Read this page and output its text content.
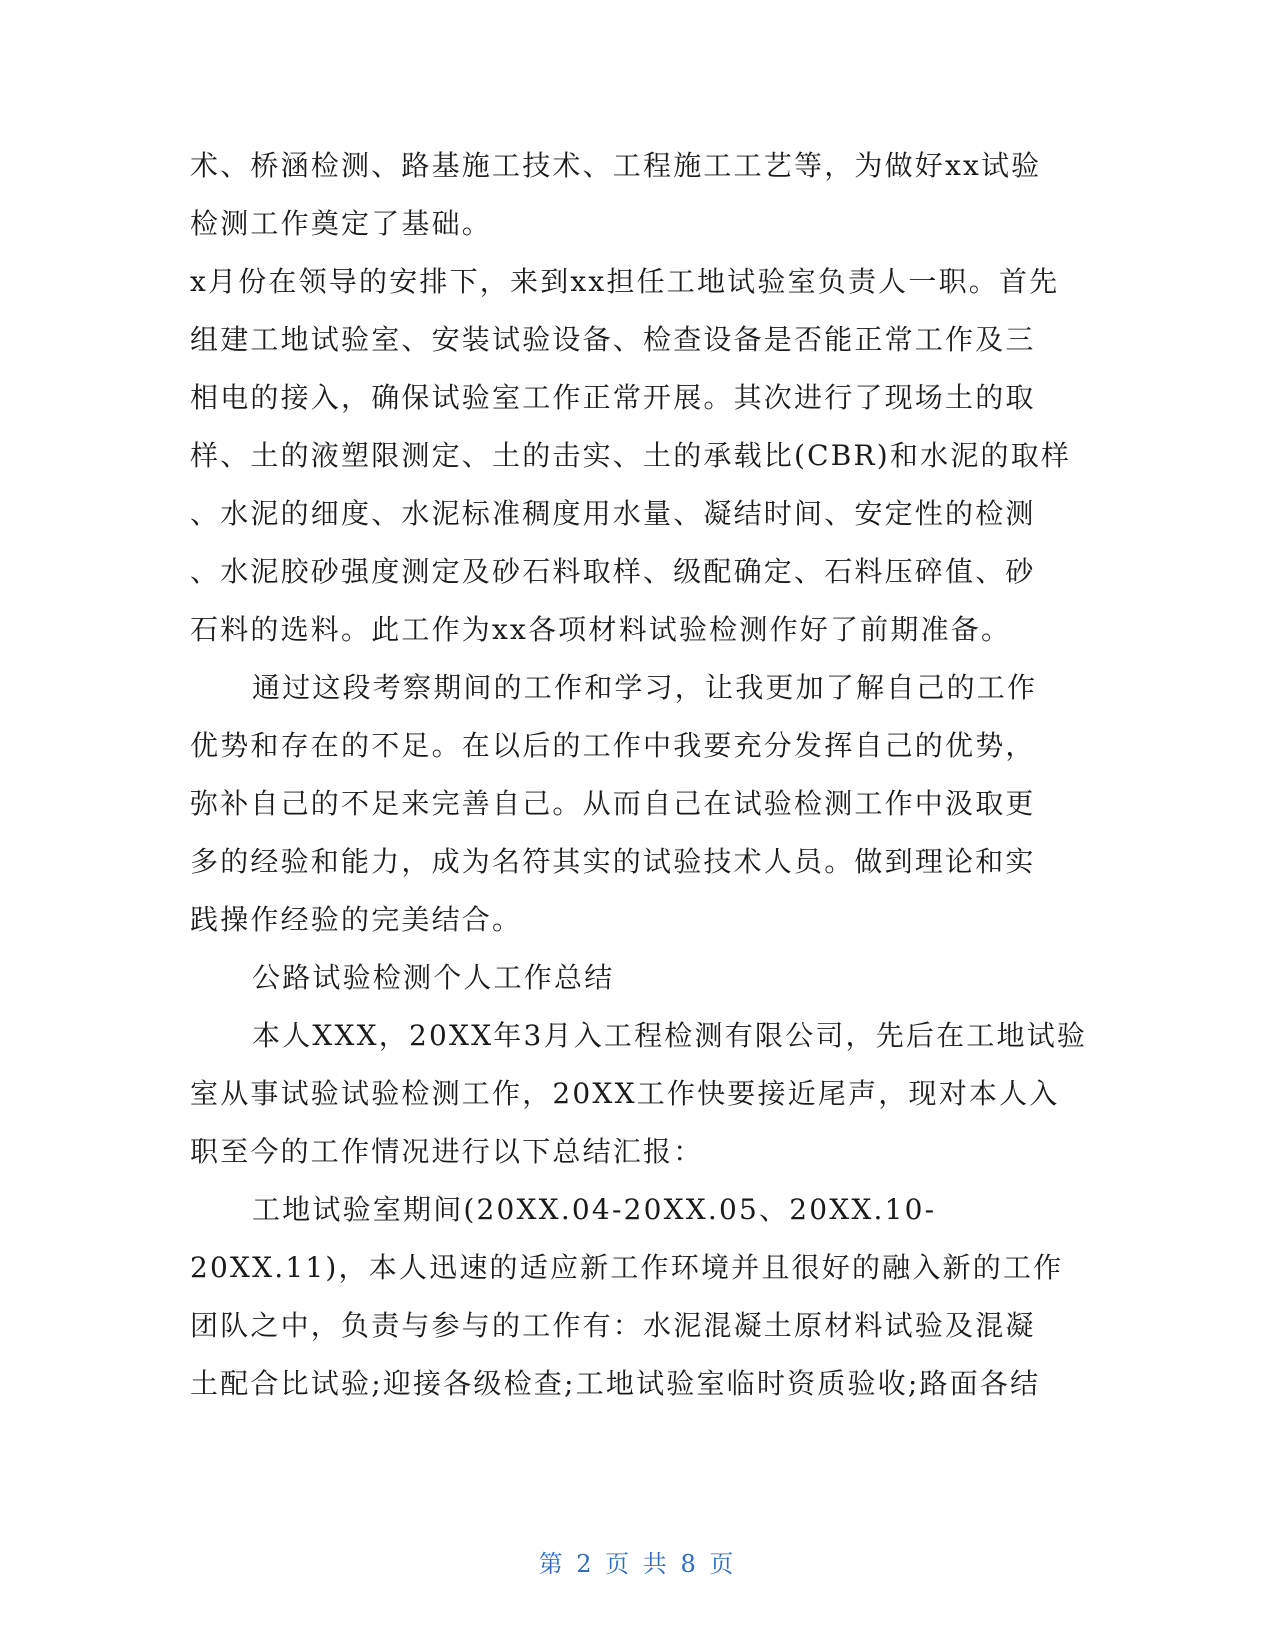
术、桥涵检测、路基施工技术、工程施工工艺等，为做好xx试验
检测工作奠定了基础。
x月份在领导的安排下，来到xx担任工地试验室负责人一职。首先
组建工地试验室、安装试验设备、检查设备是否能正常工作及三
相电的接入，确保试验室工作正常开展。其次进行了现场土的取
样、土的液塑限测定、土的击实、土的承载比(CBR)和水泥的取样
、水泥的细度、水泥标准稠度用水量、凝结时间、安定性的检测
、水泥胶砂强度测定及砂石料取样、级配确定、石料压碎值、砂
石料的选料。此工作为xx各项材料试验检测作好了前期准备。
通过这段考察期间的工作和学习，让我更加了解自己的工作
优势和存在的不足。在以后的工作中我要充分发挥自己的优势，
弥补自己的不足来完善自己。从而自己在试验检测工作中汲取更
多的经验和能力，成为名符其实的试验技术人员。做到理论和实
践操作经验的完美结合。
公路试验检测个人工作总结
本人XXX，20XX年3月入工程检测有限公司，先后在工地试验
室从事试验试验检测工作，20XX工作快要接近尾声，现对本人入
职至今的工作情况进行以下总结汇报：
工地试验室期间(20XX.04-20XX.05、20XX.10-
20XX.11)，本人迅速的适应新工作环境并且很好的融入新的工作
团队之中，负责与参与的工作有：水泥混凝土原材料试验及混凝
土配合比试验;迎接各级检查;工地试验室临时资质验收;路面各结
第 2 页 共 8 页
